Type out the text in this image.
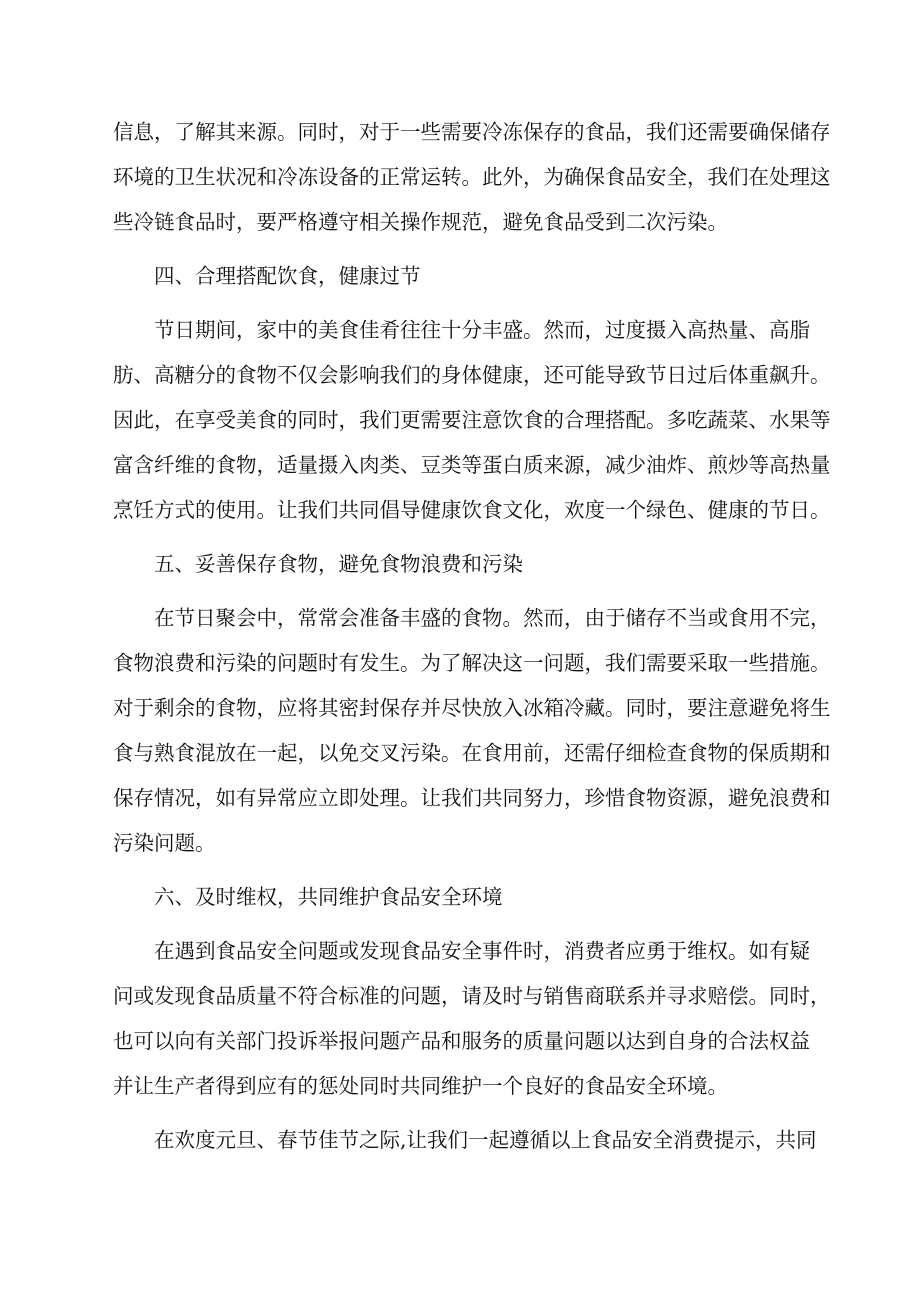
信息，了解其来源。同时，对于一些需要冷冻保存的食品，我们还需要确保储存
环境的卫生状况和冷冻设备的正常运转。此外，为确保食品安全，我们在处理这
些冷链食品时，要严格遵守相关操作规范，避免食品受到二次污染。
四、合理搭配饮食，健康过节
节日期间，家中的美食佳肴往往十分丰盛。然而，过度摄入高热量、高脂
肪、高糖分的食物不仅会影响我们的身体健康，还可能导致节日过后体重飙升。
因此，在享受美食的同时，我们更需要注意饮食的合理搭配。多吃蔬菜、水果等
富含纤维的食物，适量摄入肉类、豆类等蛋白质来源，减少油炸、煎炒等高热量
烹饪方式的使用。让我们共同倡导健康饮食文化，欢度一个绿色、健康的节日。
五、妥善保存食物，避免食物浪费和污染
在节日聚会中，常常会准备丰盛的食物。然而，由于储存不当或食用不完，
食物浪费和污染的问题时有发生。为了解决这一问题，我们需要采取一些措施。
对于剩余的食物，应将其密封保存并尽快放入冰箱冷藏。同时，要注意避免将生
食与熟食混放在一起，以免交叉污染。在食用前，还需仔细检查食物的保质期和
保存情况，如有异常应立即处理。让我们共同努力，珍惜食物资源，避免浪费和
污染问题。
六、及时维权，共同维护食品安全环境
在遇到食品安全问题或发现食品安全事件时，消费者应勇于维权。如有疑
问或发现食品质量不符合标准的问题，请及时与销售商联系并寻求赔偿。同时，
也可以向有关部门投诉举报问题产品和服务的质量问题以达到自身的合法权益
并让生产者得到应有的惩处同时共同维护一个良好的食品安全环境。
在欢度元旦、春节佳节之际,让我们一起遵循以上食品安全消费提示，共同
